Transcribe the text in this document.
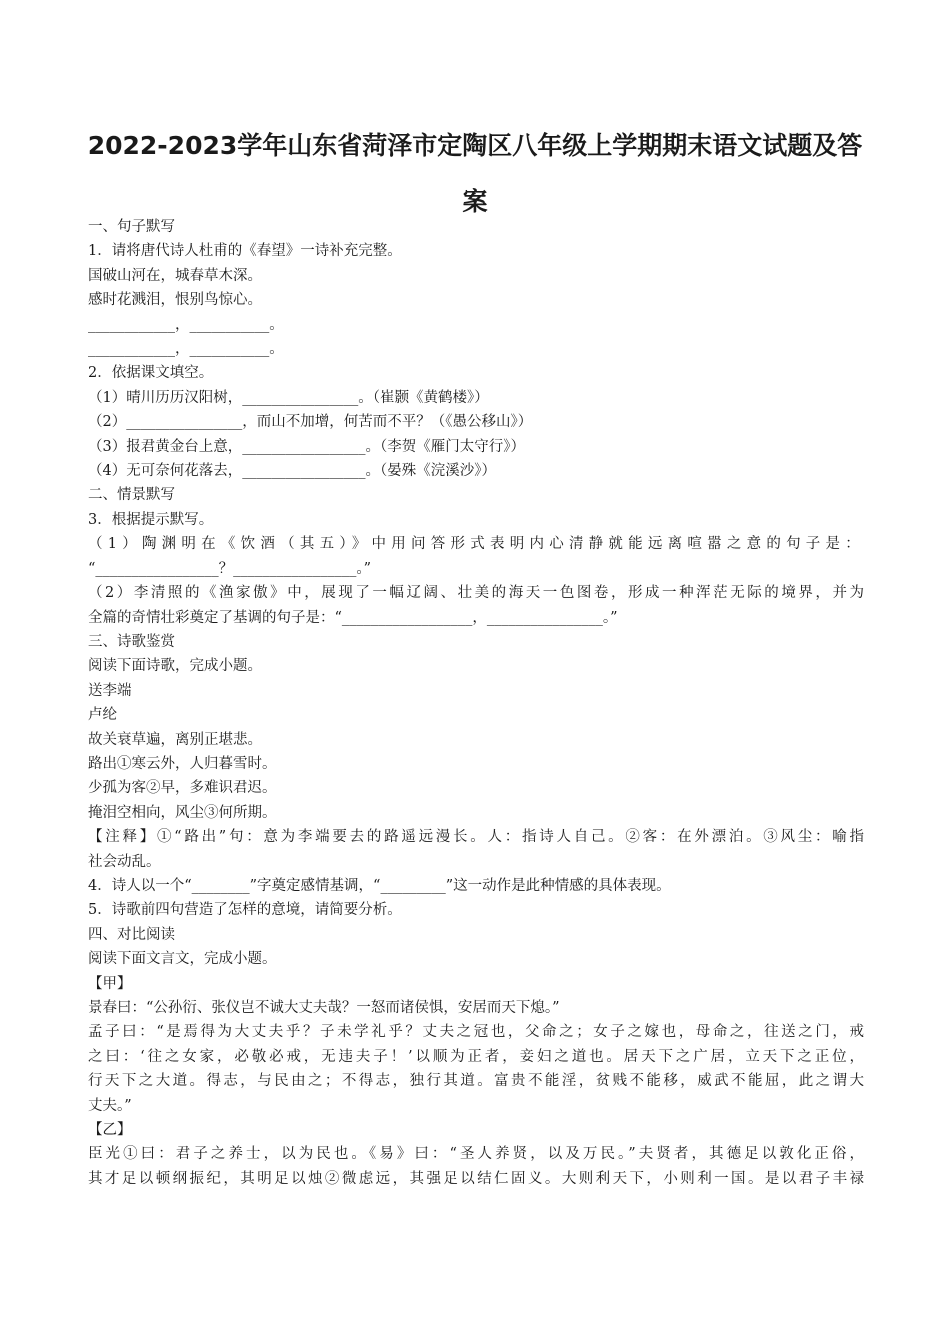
2022-2023学年山东省菏泽市定陶区八年级上学期期末语文试题及答
案

一、句子默写

1．请将唐代诗人杜甫的《春望》一诗补充完整。

国破山河在，城春草木深。

感时花溅泪，恨别鸟惊心。

____________，___________。

____________，___________。

2．依据课文填空。

（1）晴川历历汉阳树，________________。（崔颢《黄鹤楼》）

（2）________________，而山不加增，何苦而不平？（《愚公移山》）

（3）报君黄金台上意，_________________。（李贺《雁门太守行》）

（4）无可奈何花落去，_________________。（晏殊《浣溪沙》）

二、情景默写

3．根据提示默写。

（1）陶渊明在《饮酒（其五）》中用问答形式表明内心清静就能远离喧嚣之意的句子是：

“_________________？_________________。”

（2）李清照的《渔家傲》中，展现了一幅辽阔、壮美的海天一色图卷，形成一种浑茫无际的境界，并为

全篇的奇情壮彩奠定了基调的句子是：“__________________，________________。”

三、诗歌鉴赏

阅读下面诗歌，完成小题。

送李端

卢纶

故关衰草遍，离别正堪悲。

路出①寒云外，人归暮雪时。

少孤为客②早，多难识君迟。

掩泪空相向，风尘③何所期。

【注释】①“路出”句：意为李端要去的路遥远漫长。人：指诗人自己。②客：在外漂泊。③风尘：喻指

社会动乱。

4．诗人以一个“________”字奠定感情基调，“_________”这一动作是此种情感的具体表现。

5．诗歌前四句营造了怎样的意境，请简要分析。

四、对比阅读

阅读下面文言文，完成小题。

【甲】

景春曰：“公孙衍、张仪岂不诚大丈夫哉？一怒而诸侯惧，安居而天下熄。”

孟子曰：“是焉得为大丈夫乎？子未学礼乎？丈夫之冠也，父命之；女子之嫁也，母命之，往送之门，戒

之曰：‘往之女家，必敬必戒，无违夫子！’以顺为正者，妾妇之道也。居天下之广居，立天下之正位，

行天下之大道。得志，与民由之；不得志，独行其道。富贵不能淫，贫贱不能移，威武不能屈，此之谓大

丈夫。”

【乙】

臣光①曰：君子之养士，以为民也。《易》曰：“圣人养贤，以及万民。”夫贤者，其德足以敦化正俗，

其才足以顿纲振纪，其明足以烛②微虑远，其强足以结仁固义。大则利天下，小则利一国。是以君子丰禄
